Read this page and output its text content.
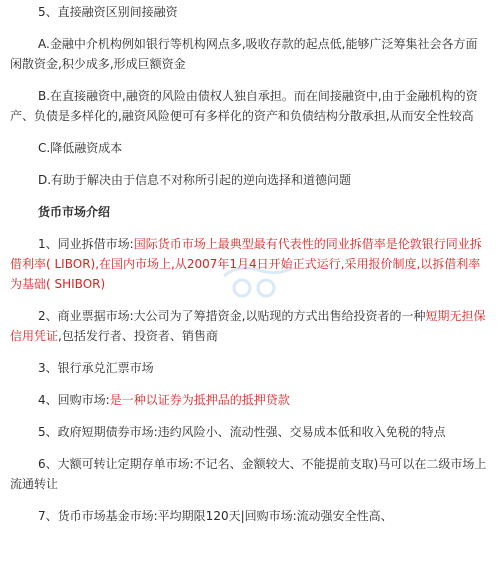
5、直接融资区别间接融资

A.金融中介机构例如银行等机构网点多,吸收存款的起点低,能够广泛筹集社会各方面闲散资金,积少成多,形成巨额资金

B.在直接融资中,融资的风险由债权人独自承担。而在间接融资中,由于金融机构的资产、负债是多样化的,融资风险便可有多样化的资产和负债结构分散承担,从而安全性较高

C.降低融资成本

D.有助于解决由于信息不对称所引起的逆向选择和道德问题

货币市场介绍

1、同业拆借市场:国际货币市场上最典型最有代表性的同业拆借率是伦敦银行同业拆借利率( LIBOR),在国内市场上,从2007年1月4日开始正式运行,采用报价制度,以拆借利率为基础( SHIBOR)

2、商业票据市场:大公司为了筹措资金,以贴现的方式出售给投资者的一种短期无担保信用凭证,包括发行者、投资者、销售商

3、银行承兑汇票市场

4、回购市场:是一种以证券为抵押品的抵押贷款

5、政府短期债券市场:违约风险小、流动性强、交易成本低和收入免税的特点

6、大额可转让定期存单市场:不记名、金额较大、不能提前支取)马可以在二级市场上流通转让

7、货币市场基金市场:平均期限120天|回购市场:流动强安全性高、
